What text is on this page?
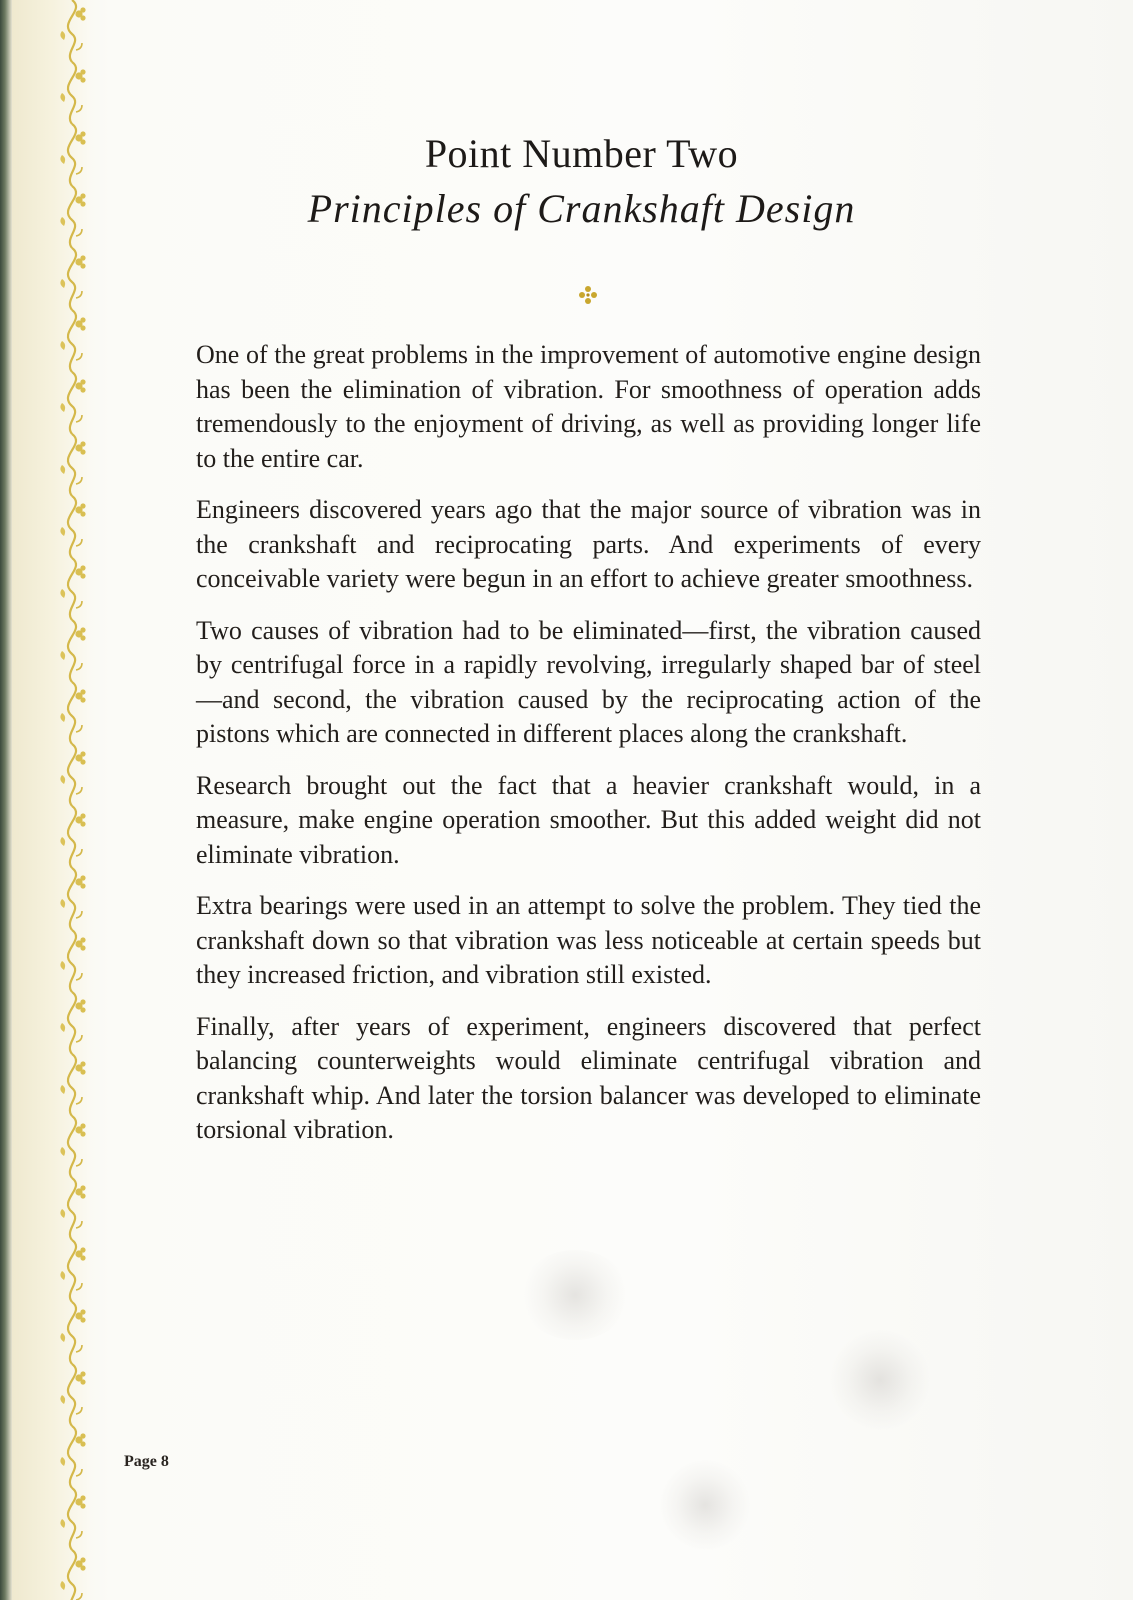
Point Number Two
Principles of Crankshaft Design

One of the great problems in the improvement of automotive engine design has been the elimination of vibration. For smoothness of operation adds tremendously to the enjoyment of driving, as well as providing longer life to the entire car.

Engineers discovered years ago that the major source of vibration was in the crankshaft and reciprocating parts. And experiments of every conceivable variety were begun in an effort to achieve greater smoothness.

Two causes of vibration had to be eliminated—first, the vibration caused by centrifugal force in a rapidly revolving, irregularly shaped bar of steel—and second, the vibration caused by the reciprocating action of the pistons which are connected in different places along the crankshaft.

Research brought out the fact that a heavier crankshaft would, in a measure, make engine operation smoother. But this added weight did not eliminate vibration.

Extra bearings were used in an attempt to solve the problem. They tied the crankshaft down so that vibration was less noticeable at certain speeds but they increased friction, and vibration still existed.

Finally, after years of experiment, engineers discovered that perfect balancing counterweights would eliminate centrifugal vibration and crankshaft whip. And later the torsion balancer was developed to eliminate torsional vibration.

Page 8
